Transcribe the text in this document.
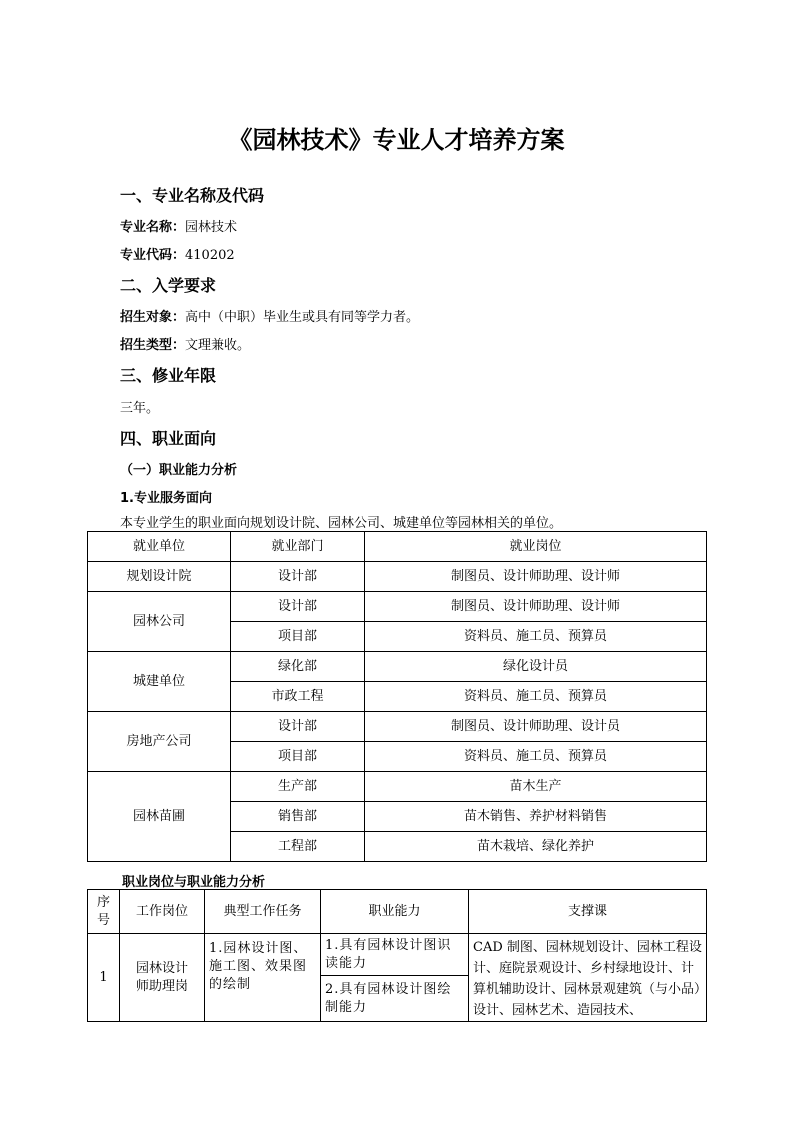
《园林技术》专业人才培养方案
一、专业名称及代码
专业名称：园林技术
专业代码：410202
二、入学要求
招生对象：高中（中职）毕业生或具有同等学力者。
招生类型：文理兼收。
三、修业年限
三年。
四、职业面向
（一）职业能力分析
1.专业服务面向
本专业学生的职业面向规划设计院、园林公司、城建单位等园林相关的单位。
就业单位	就业部门	就业岗位
规划设计院	设计部	制图员、设计师助理、设计师
园林公司	设计部	制图员、设计师助理、设计师
	项目部	资料员、施工员、预算员
城建单位	绿化部	绿化设计员
	市政工程	资料员、施工员、预算员
房地产公司	设计部	制图员、设计师助理、设计员
	项目部	资料员、施工员、预算员
园林苗圃	生产部	苗木生产
	销售部	苗木销售、养护材料销售
	工程部	苗木栽培、绿化养护
职业岗位与职业能力分析
序号	工作岗位	典型工作任务	职业能力	支撑课
1	园林设计师助理岗	1.园林设计图、施工图、效果图的绘制	1.具有园林设计图识读能力	CAD 制图、园林规划设计、园林工程设计、庭院景观设计、乡村绿地设计、计算机辅助设计、园林景观建筑（与小品）设计、园林艺术、造园技术、
			2.具有园林设计图绘制能力	
